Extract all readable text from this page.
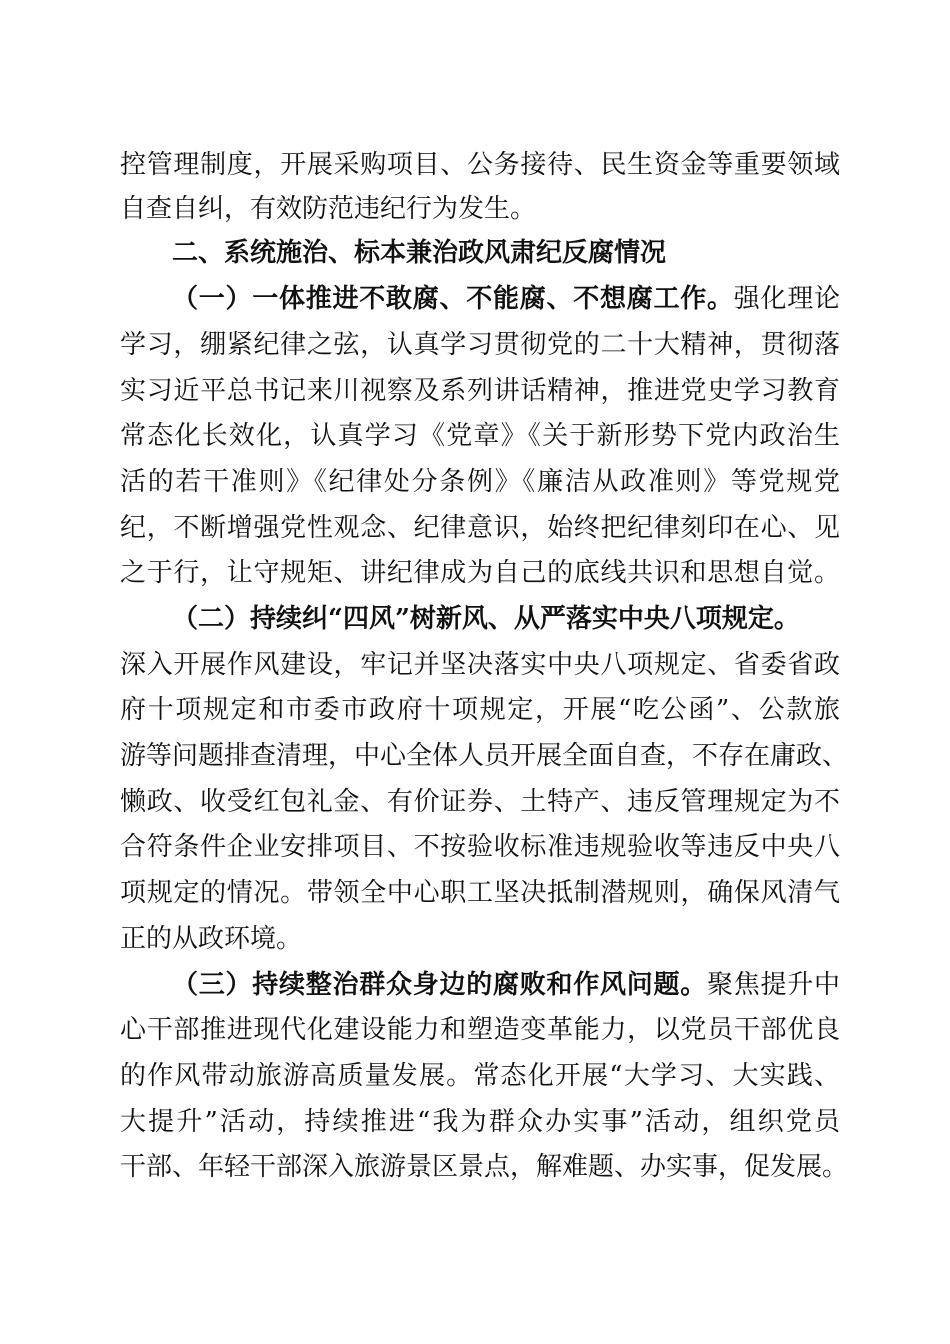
控管理制度，开展采购项目、公务接待、民生资金等重要领域
自查自纠，有效防范违纪行为发生。
二、系统施治、标本兼治政风肃纪反腐情况
（一）一体推进不敢腐、不能腐、不想腐工作。强化理论
学习，绷紧纪律之弦，认真学习贯彻党的二十大精神，贯彻落
实习近平总书记来川视察及系列讲话精神，推进党史学习教育
常态化长效化，认真学习《党章》《关于新形势下党内政治生
活的若干准则》《纪律处分条例》《廉洁从政准则》等党规党
纪，不断增强党性观念、纪律意识，始终把纪律刻印在心、见
之于行，让守规矩、讲纪律成为自己的底线共识和思想自觉。
（二）持续纠“四风”树新风、从严落实中央八项规定。
深入开展作风建设，牢记并坚决落实中央八项规定、省委省政
府十项规定和市委市政府十项规定，开展“吃公函”、公款旅
游等问题排查清理，中心全体人员开展全面自查，不存在庸政、
懒政、收受红包礼金、有价证券、土特产、违反管理规定为不
合符条件企业安排项目、不按验收标准违规验收等违反中央八
项规定的情况。带领全中心职工坚决抵制潜规则，确保风清气
正的从政环境。
（三）持续整治群众身边的腐败和作风问题。聚焦提升中
心干部推进现代化建设能力和塑造变革能力，以党员干部优良
的作风带动旅游高质量发展。常态化开展“大学习、大实践、
大提升”活动，持续推进“我为群众办实事”活动，组织党员
干部、年轻干部深入旅游景区景点，解难题、办实事，促发展。
